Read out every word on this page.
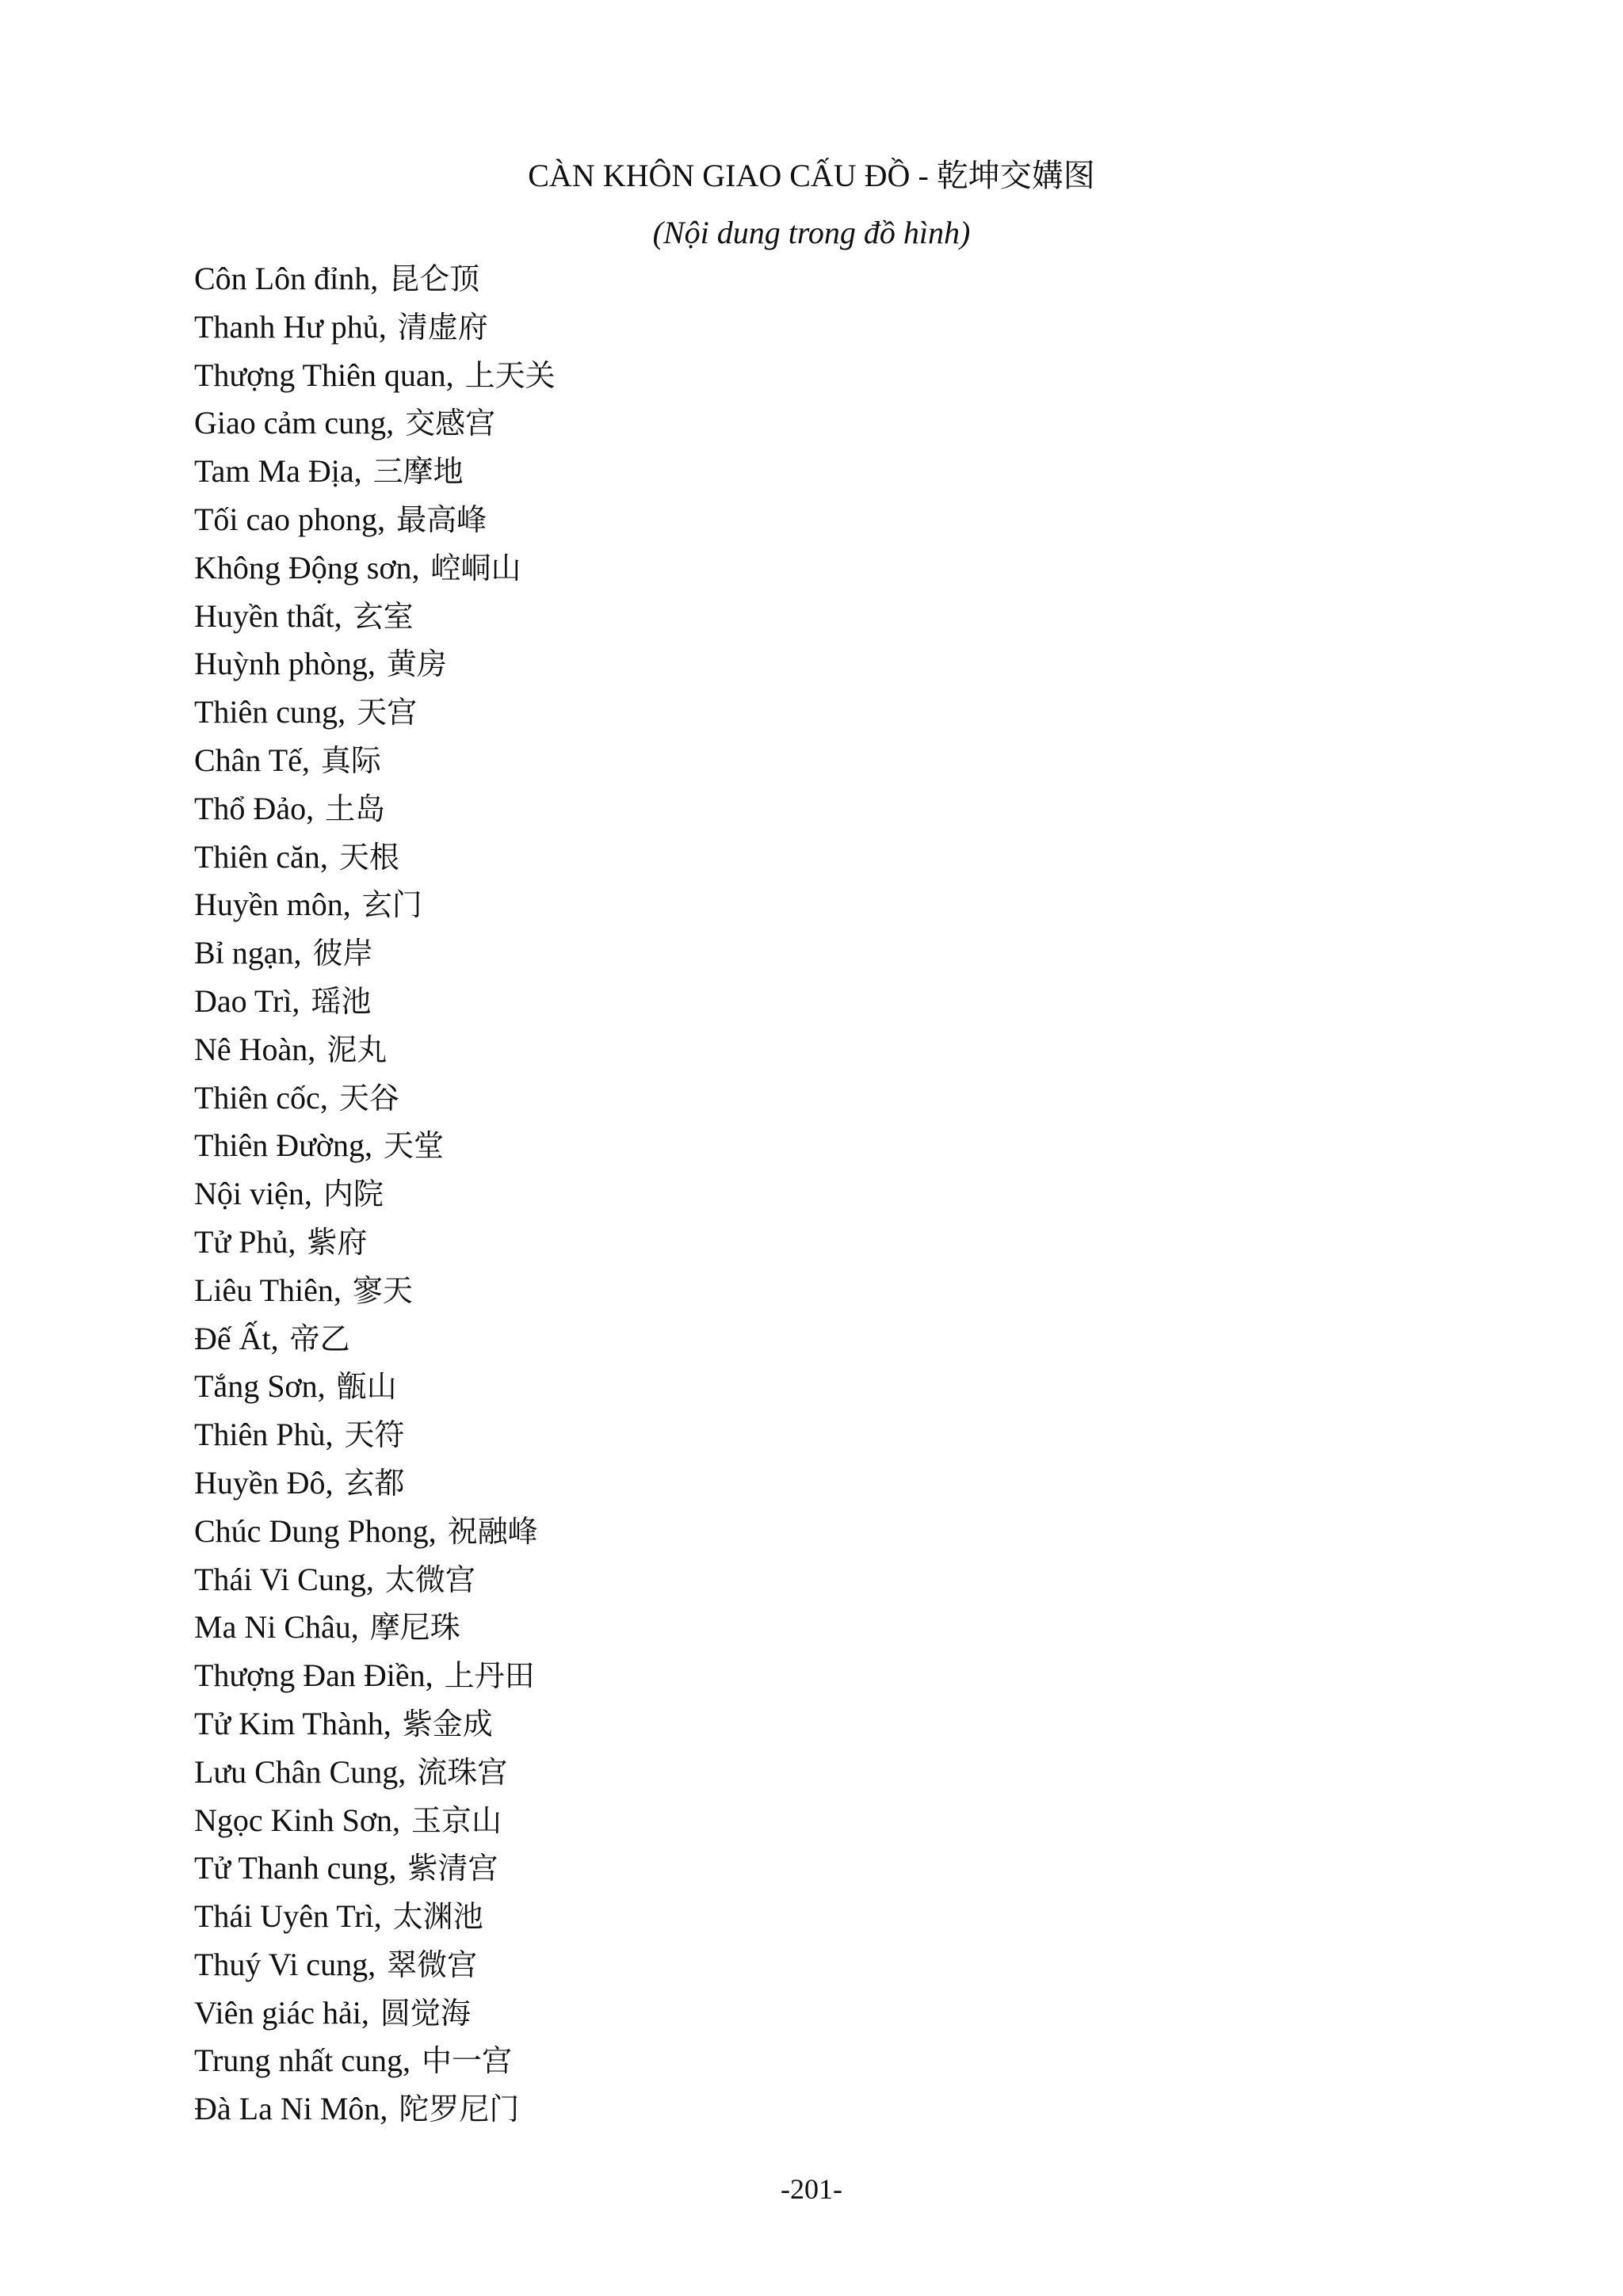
CÀN KHÔN GIAO CẤU ĐỒ - 乾坤交媾图
(Nội dung trong đồ hình)
Côn Lôn đỉnh, 昆仑顶
Thanh Hư phủ, 清虚府
Thượng Thiên quan, 上天关
Giao cảm cung, 交感宫
Tam Ma Địa, 三摩地
Tối cao phong, 最高峰
Không Động sơn, 崆峒山
Huyền thất, 玄室
Huỳnh phòng, 黄房
Thiên cung, 天宫
Chân Tế, 真际
Thổ Đảo, 土岛
Thiên căn, 天根
Huyền môn, 玄门
Bỉ ngạn, 彼岸
Dao Trì, 瑶池
Nê Hoàn, 泥丸
Thiên cốc, 天谷
Thiên Đường, 天堂
Nội viện, 内院
Tử Phủ, 紫府
Liêu Thiên, 寥天
Đế Ất, 帝乙
Tắng Sơn, 甑山
Thiên Phù, 天符
Huyền Đô, 玄都
Chúc Dung Phong, 祝融峰
Thái Vi Cung, 太微宫
Ma Ni Châu, 摩尼珠
Thượng Đan Điền, 上丹田
Tử Kim Thành, 紫金成
Lưu Chân Cung, 流珠宫
Ngọc Kinh Sơn, 玉京山
Tử Thanh cung, 紫清宫
Thái Uyên Trì, 太渊池
Thuý Vi cung, 翠微宫
Viên giác hải, 圆觉海
Trung nhất cung, 中一宫
Đà La Ni Môn, 陀罗尼门
-201-
